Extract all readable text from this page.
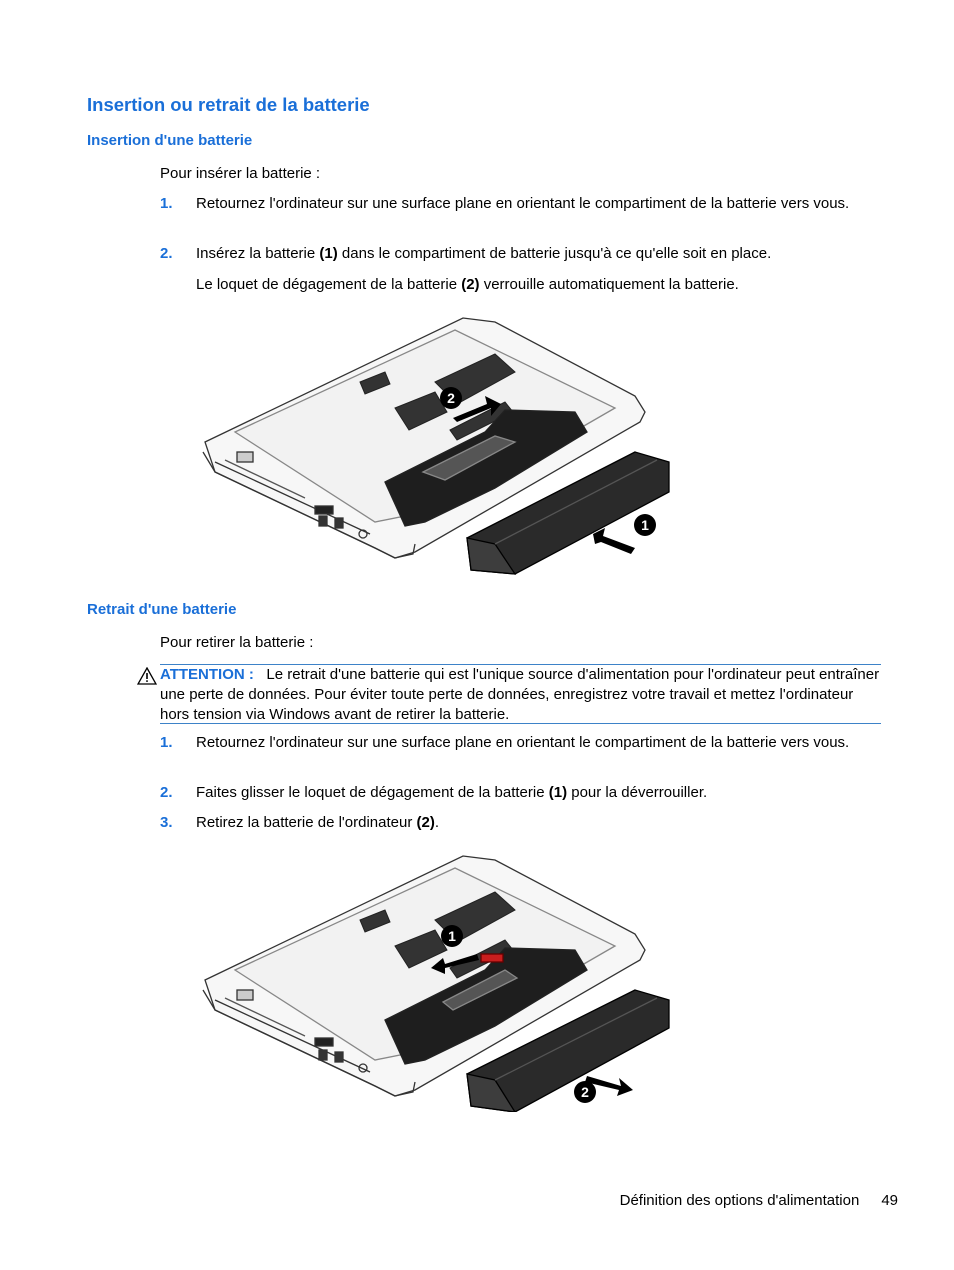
Insertion ou retrait de la batterie
Insertion d'une batterie
Pour insérer la batterie :
1. Retournez l'ordinateur sur une surface plane en orientant le compartiment de la batterie vers vous.
2. Insérez la batterie (1) dans le compartiment de batterie jusqu'à ce qu'elle soit en place.
Le loquet de dégagement de la batterie (2) verrouille automatiquement la batterie.
2
1
Retrait d'une batterie
Pour retirer la batterie :
ATTENTION : Le retrait d'une batterie qui est l'unique source d'alimentation pour l'ordinateur peut entraîner une perte de données. Pour éviter toute perte de données, enregistrez votre travail et mettez l'ordinateur hors tension via Windows avant de retirer la batterie.
1. Retournez l'ordinateur sur une surface plane en orientant le compartiment de la batterie vers vous.
2. Faites glisser le loquet de dégagement de la batterie (1) pour la déverrouiller.
3. Retirez la batterie de l'ordinateur (2).
1
2
Définition des options d'alimentation 49
